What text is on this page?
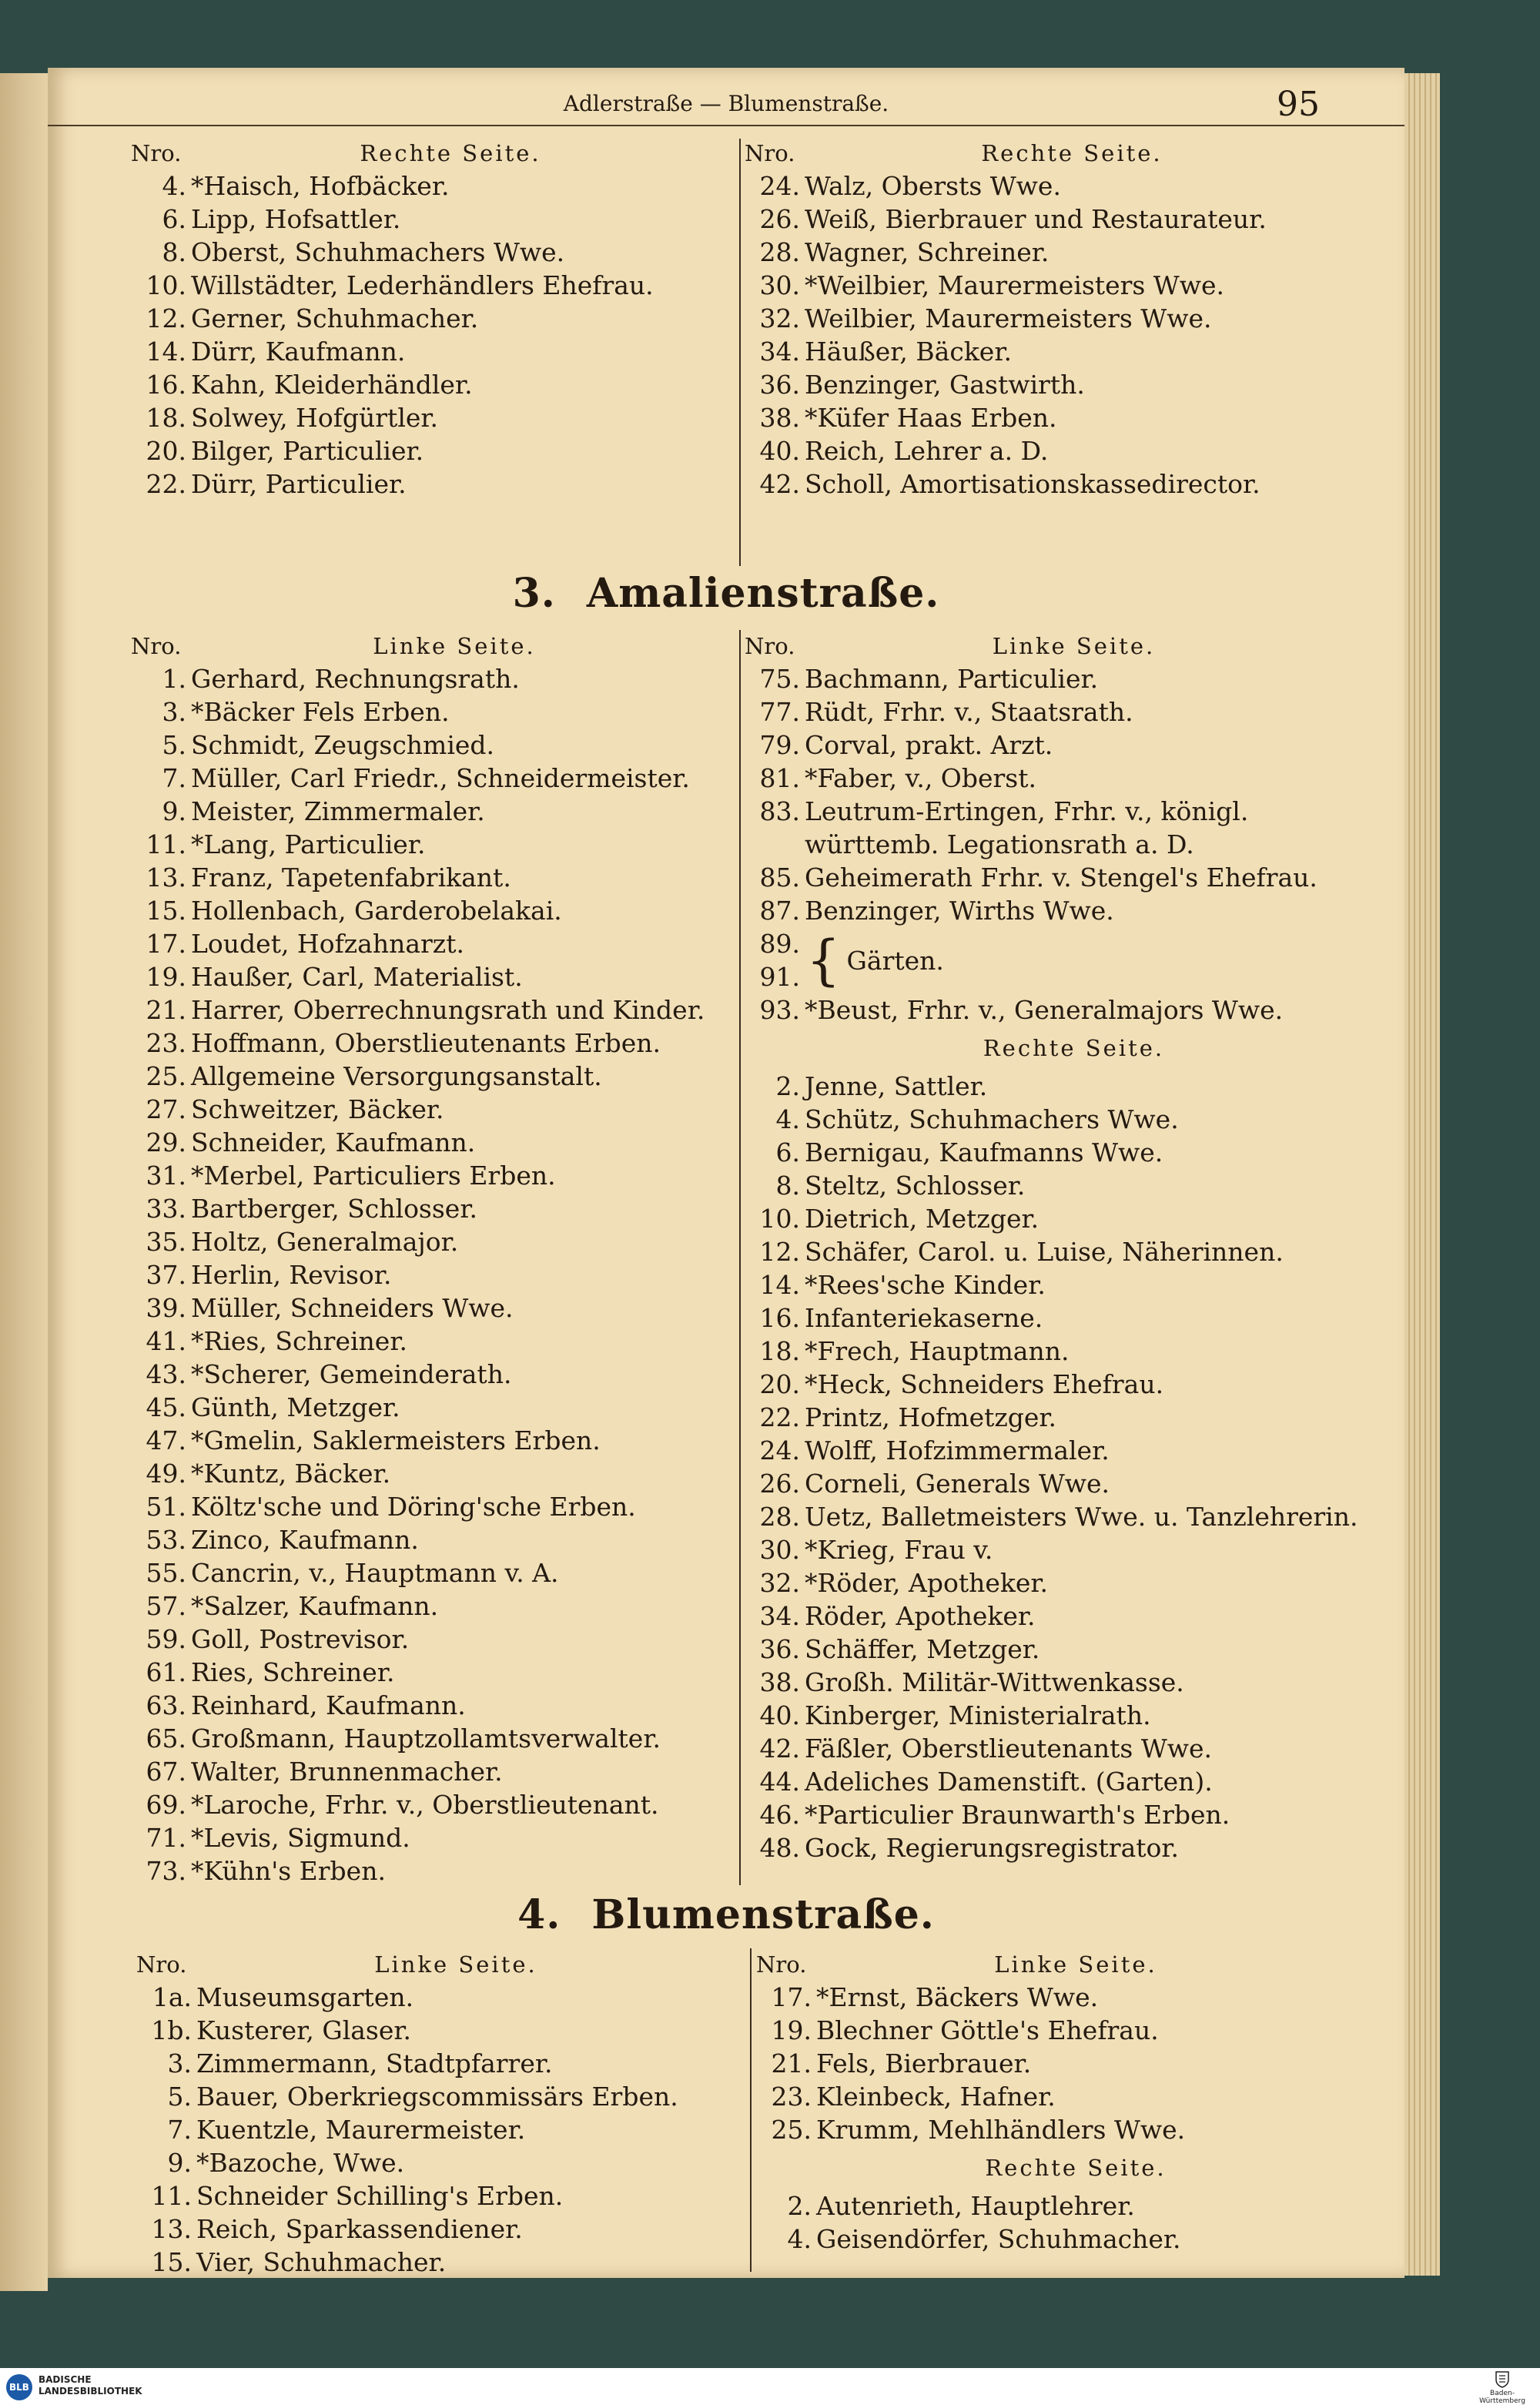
Adlerstraße — Blumenstraße.	95
Nro.	Rechte Seite.
4. *Haisch, Hofbäcker.
6. Lipp, Hofsattler.
8. Oberst, Schuhmachers Wwe.
10. Willstädter, Lederhändlers Ehefrau.
12. Gerner, Schuhmacher.
14. Dürr, Kaufmann.
16. Kahn, Kleiderhändler.
18. Solwey, Hofgürtler.
20. Bilger, Particulier.
22. Dürr, Particulier.
Nro.	Rechte Seite.
24. Walz, Obersts Wwe.
26. Weiß, Bierbrauer und Restaurateur.
28. Wagner, Schreiner.
30. *Weilbier, Maurermeisters Wwe.
32. Weilbier, Maurermeisters Wwe.
34. Häußer, Bäcker.
36. Benzinger, Gastwirth.
38. *Küfer Haas Erben.
40. Reich, Lehrer a. D.
42. Scholl, Amortisationskassedirector.
3. Amalienstraße.
Nro.	Linke Seite.
1. Gerhard, Rechnungsrath.
3. *Bäcker Fels Erben.
5. Schmidt, Zeugschmied.
7. Müller, Carl Friedr., Schneidermeister.
9. Meister, Zimmermaler.
11. *Lang, Particulier.
13. Franz, Tapetenfabrikant.
15. Hollenbach, Garderobelakai.
17. Loudet, Hofzahnarzt.
19. Haußer, Carl, Materialist.
21. Harrer, Oberrechnungsrath und Kinder.
23. Hoffmann, Oberstlieutenants Erben.
25. Allgemeine Versorgungsanstalt.
27. Schweitzer, Bäcker.
29. Schneider, Kaufmann.
31. *Merbel, Particuliers Erben.
33. Bartberger, Schlosser.
35. Holtz, Generalmajor.
37. Herlin, Revisor.
39. Müller, Schneiders Wwe.
41. *Ries, Schreiner.
43. *Scherer, Gemeinderath.
45. Günth, Metzger.
47. *Gmelin, Saklermeisters Erben.
49. *Kuntz, Bäcker.
51. Költz'sche und Döring'sche Erben.
53. Zinco, Kaufmann.
55. Cancrin, v., Hauptmann v. A.
57. *Salzer, Kaufmann.
59. Goll, Postrevisor.
61. Ries, Schreiner.
63. Reinhard, Kaufmann.
65. Großmann, Hauptzollamtsverwalter.
67. Walter, Brunnenmacher.
69. *Laroche, Frhr. v., Oberstlieutenant.
71. *Levis, Sigmund.
73. *Kühn's Erben.
Nro.	Linke Seite.
75. Bachmann, Particulier.
77. Rüdt, Frhr. v., Staatsrath.
79. Corval, prakt. Arzt.
81. *Faber, v., Oberst.
83. Leutrum-Ertingen, Frhr. v., königl.
württemb. Legationsrath a. D.
85. Geheimerath Frhr. v. Stengel's Ehefrau.
87. Benzinger, Wirths Wwe.
89.
91. { Gärten.
93. *Beust, Frhr. v., Generalmajors Wwe.
Rechte Seite.
2. Jenne, Sattler.
4. Schütz, Schuhmachers Wwe.
6. Bernigau, Kaufmanns Wwe.
8. Steltz, Schlosser.
10. Dietrich, Metzger.
12. Schäfer, Carol. u. Luise, Näherinnen.
14. *Rees'sche Kinder.
16. Infanteriekaserne.
18. *Frech, Hauptmann.
20. *Heck, Schneiders Ehefrau.
22. Printz, Hofmetzger.
24. Wolff, Hofzimmermaler.
26. Corneli, Generals Wwe.
28. Uetz, Balletmeisters Wwe. u. Tanzlehrerin.
30. *Krieg, Frau v.
32. *Röder, Apotheker.
34. Röder, Apotheker.
36. Schäffer, Metzger.
38. Großh. Militär-Wittwenkasse.
40. Kinberger, Ministerialrath.
42. Fäßler, Oberstlieutenants Wwe.
44. Adeliches Damenstift. (Garten).
46. *Particulier Braunwarth's Erben.
48. Gock, Regierungsregistrator.
4. Blumenstraße.
Nro.	Linke Seite.
1a. Museumsgarten.
1b. Kusterer, Glaser.
3. Zimmermann, Stadtpfarrer.
5. Bauer, Oberkriegscommissärs Erben.
7. Kuentzle, Maurermeister.
9. *Bazoche, Wwe.
11. Schneider Schilling's Erben.
13. Reich, Sparkassendiener.
15. Vier, Schuhmacher.
Nro.	Linke Seite.
17. *Ernst, Bäckers Wwe.
19. Blechner Göttle's Ehefrau.
21. Fels, Bierbrauer.
23. Kleinbeck, Hafner.
25. Krumm, Mehlhändlers Wwe.
Rechte Seite.
2. Autenrieth, Hauptlehrer.
4. Geisendörfer, Schuhmacher.
BLB
BADISCHE
LANDESBIBLIOTHEK	Baden-Württemberg
